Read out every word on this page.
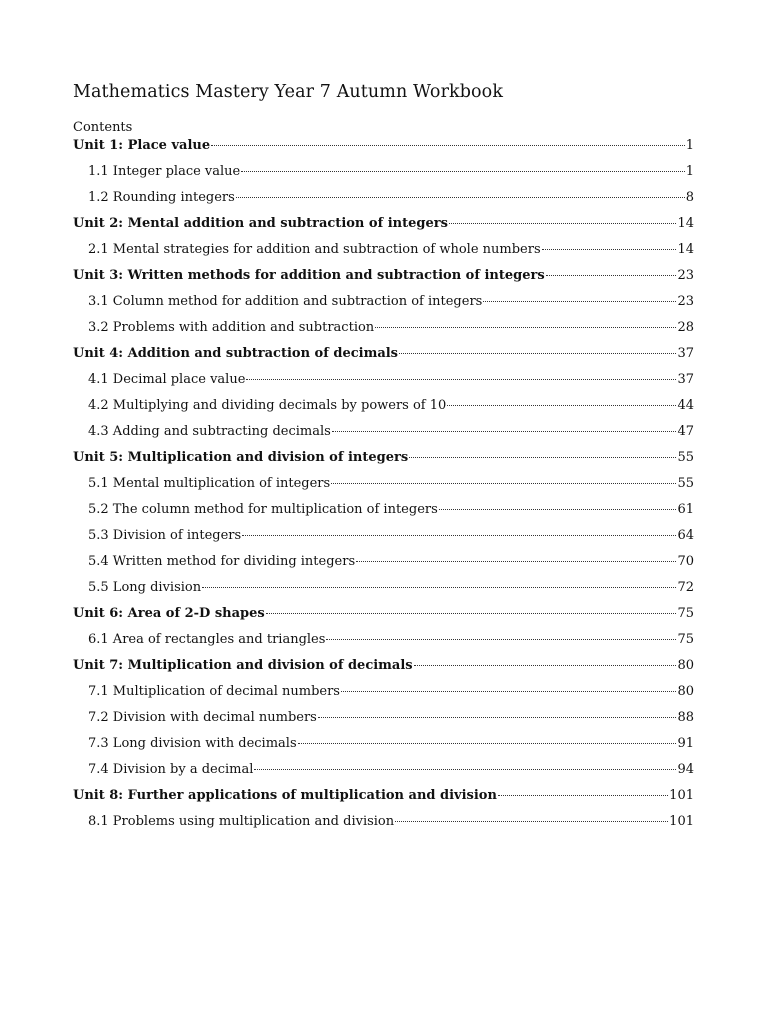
Mathematics Mastery Year 7 Autumn Workbook
Contents
Unit 1: Place value	1
1.1 Integer place value	1
1.2 Rounding integers	8
Unit 2: Mental addition and subtraction of integers	14
2.1 Mental strategies for addition and subtraction of whole numbers	14
Unit 3: Written methods for addition and subtraction of integers	23
3.1 Column method for addition and subtraction of integers	23
3.2 Problems with addition and subtraction	28
Unit 4: Addition and subtraction of decimals	37
4.1 Decimal place value	37
4.2 Multiplying and dividing decimals by powers of 10	44
4.3 Adding and subtracting decimals	47
Unit 5: Multiplication and division of integers	55
5.1 Mental multiplication of integers	55
5.2 The column method for multiplication of integers	61
5.3 Division of integers	64
5.4 Written method for dividing integers	70
5.5 Long division	72
Unit 6: Area of 2-D shapes	75
6.1 Area of rectangles and triangles	75
Unit 7: Multiplication and division of decimals	80
7.1 Multiplication of decimal numbers	80
7.2 Division with decimal numbers	88
7.3 Long division with decimals	91
7.4 Division by a decimal	94
Unit 8: Further applications of multiplication and division	101
8.1 Problems using multiplication and division	101
